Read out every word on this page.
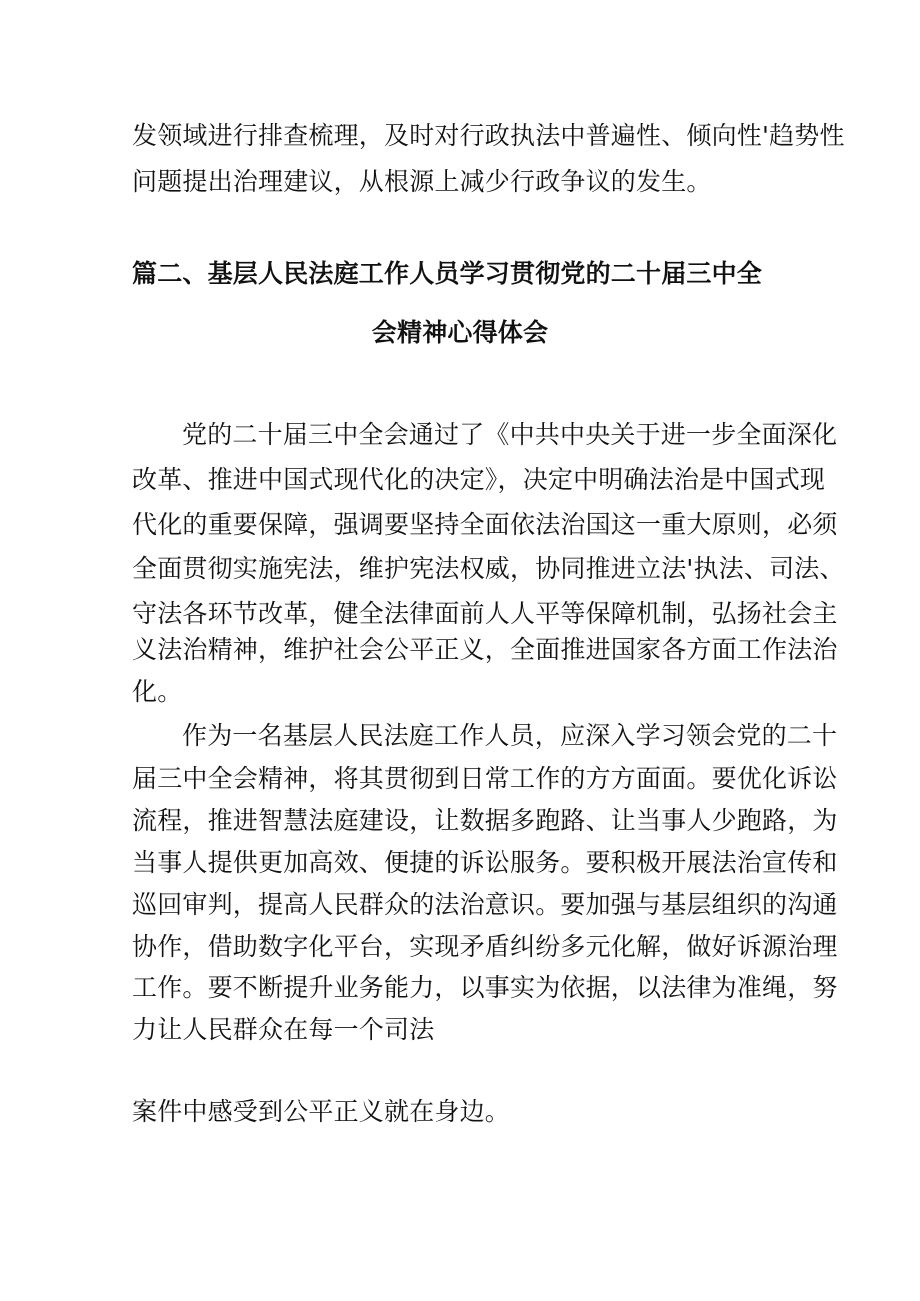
发领域进行排查梳理，及时对行政执法中普遍性、倾向性'趋势性
问题提出治理建议，从根源上减少行政争议的发生。
篇二、基层人民法庭工作人员学习贯彻党的二十届三中全
会精神心得体会
党的二十届三中全会通过了《中共中央关于进一步全面深化
改革、推进中国式现代化的决定》，决定中明确法治是中国式现
代化的重要保障，强调要坚持全面依法治国这一重大原则，必须
全面贯彻实施宪法，维护宪法权威，协同推进立法'执法、司法、
守法各环节改革，健全法律面前人人平等保障机制，弘扬社会主
义法治精神，维护社会公平正义，全面推进国家各方面工作法治
化。
作为一名基层人民法庭工作人员，应深入学习领会党的二十
届三中全会精神，将其贯彻到日常工作的方方面面。要优化诉讼
流程，推进智慧法庭建设，让数据多跑路、让当事人少跑路，为
当事人提供更加高效、便捷的诉讼服务。要积极开展法治宣传和
巡回审判，提高人民群众的法治意识。要加强与基层组织的沟通
协作，借助数字化平台，实现矛盾纠纷多元化解，做好诉源治理
工作。要不断提升业务能力，以事实为依据，以法律为准绳，努
力让人民群众在每一个司法
案件中感受到公平正义就在身边。
